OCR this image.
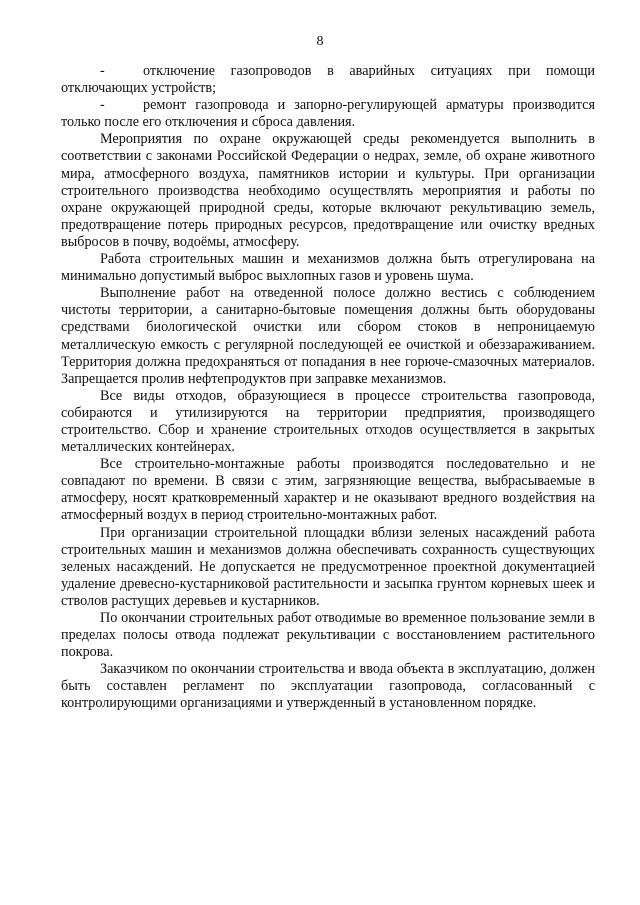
8

-	отключение газопроводов в аварийных ситуациях при помощи отключающих устройств;

-	ремонт газопровода и запорно-регулирующей арматуры производится только после его отключения и сброса давления.

Мероприятия по охране окружающей среды рекомендуется выполнить в соответствии с законами Российской Федерации о недрах, земле, об охране животного мира, атмосферного воздуха, памятников истории и культуры. При организации строительного производства необходимо осуществлять мероприятия и работы по охране окружающей природной среды, которые включают рекультивацию земель, предотвращение потерь природных ресурсов, предотвращение или очистку вредных выбросов в почву, водоёмы, атмосферу.

Работа строительных машин и механизмов должна быть отрегулирована на минимально допустимый выброс выхлопных газов и уровень шума.

Выполнение работ на отведенной полосе должно вестись с соблюдением чистоты территории, а санитарно-бытовые помещения должны быть оборудованы средствами биологической очистки или сбором стоков в непроницаемую металлическую емкость с регулярной последующей ее очисткой и обеззараживанием. Территория должна предохраняться от попадания в нее горюче-смазочных материалов. Запрещается пролив нефтепродуктов при заправке механизмов.

Все виды отходов, образующиеся в процессе строительства газопровода, собираются и утилизируются на территории предприятия, производящего строительство. Сбор и хранение строительных отходов осуществляется в закрытых металлических контейнерах.

Все строительно-монтажные работы производятся последовательно и не совпадают по времени. В связи с этим, загрязняющие вещества, выбрасываемые в атмосферу, носят кратковременный характер и не оказывают вредного воздействия на атмосферный воздух в период строительно-монтажных работ.

При организации строительной площадки вблизи зеленых насаждений работа строительных машин и механизмов должна обеспечивать сохранность существующих зеленых насаждений. Не допускается не предусмотренное проектной документацией удаление древесно-кустарниковой растительности и засыпка грунтом корневых шеек и стволов растущих деревьев и кустарников.

По окончании строительных работ отводимые во временное пользование земли в пределах полосы отвода подлежат рекультивации с восстановлением растительного покрова.

Заказчиком по окончании строительства и ввода объекта в эксплуатацию, должен быть составлен регламент по эксплуатации газопровода, согласованный с контролирующими организациями и утвержденный в установленном порядке.
